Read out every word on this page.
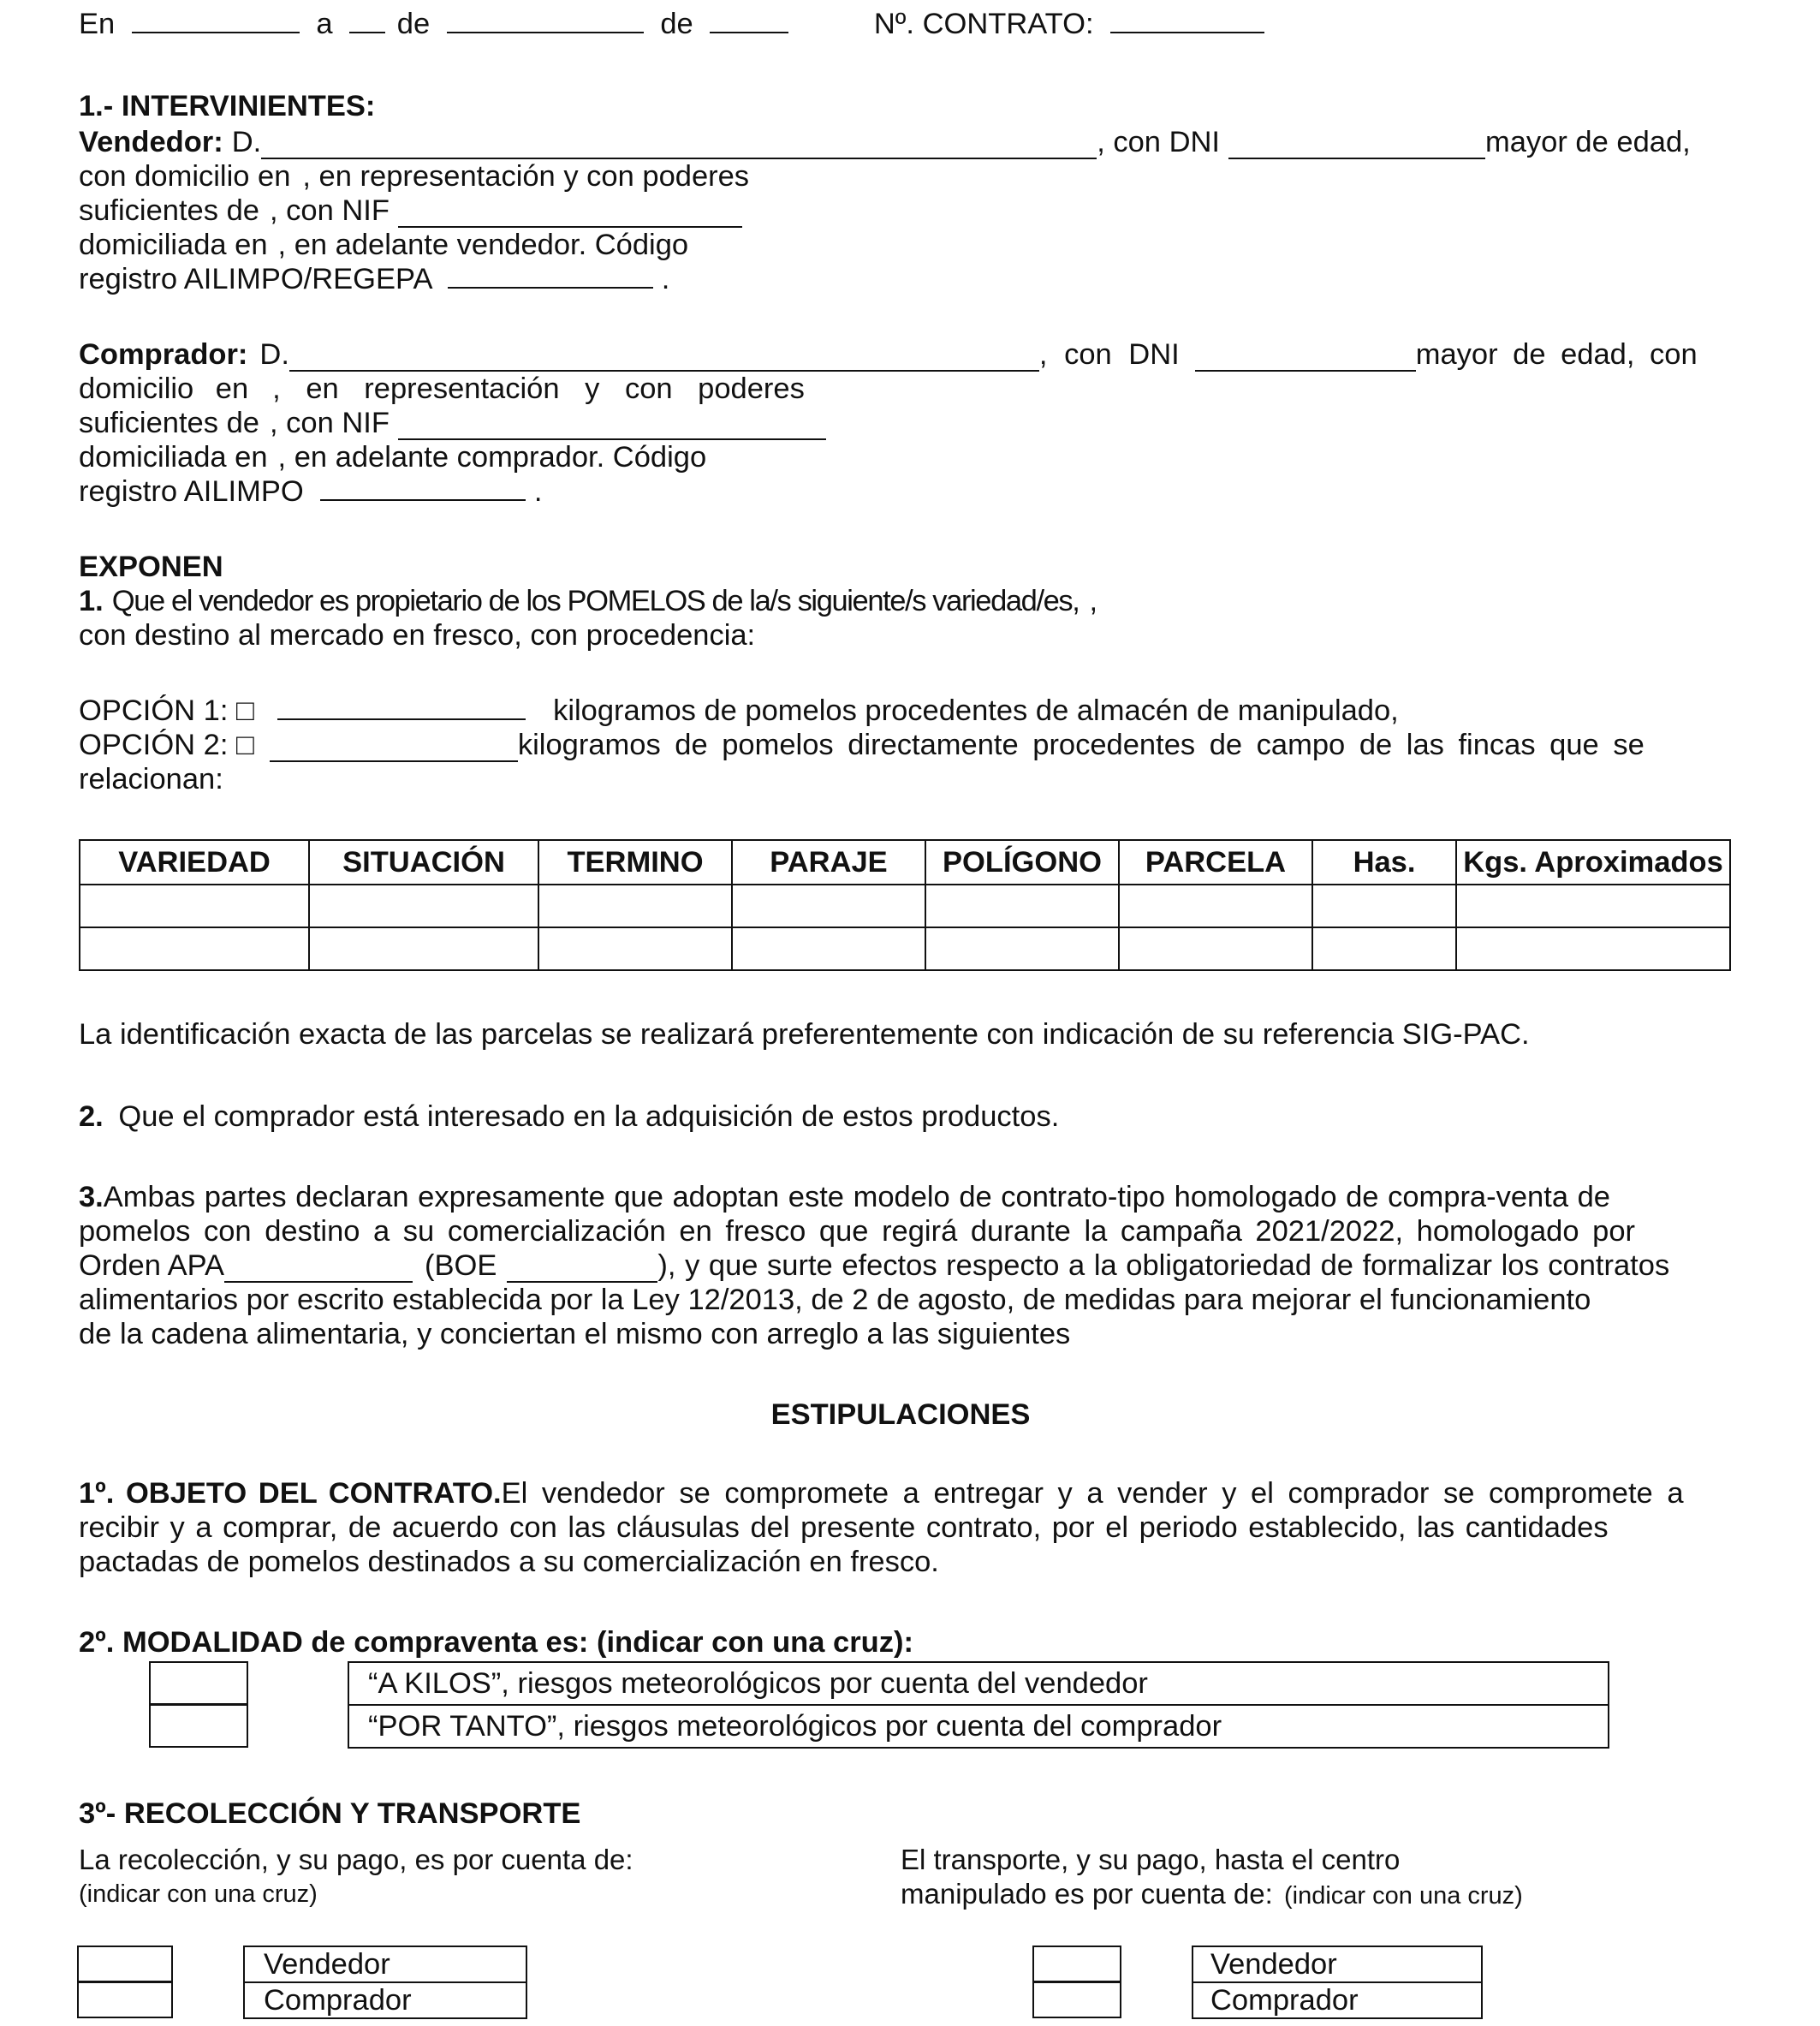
En	a de	de	Nº. CONTRATO:
1.- INTERVINIENTES:
Vendedor: D.	, con DNI	mayor de edad,
con domicilio en , en representación y con poderes
suficientes de , con NIF
domiciliada en , en adelante vendedor. Código
registro AILIMPO/REGEPA	.
Comprador: D.	, con DNI	mayor de edad, con
domicilio en , en representación y con poderes
suficientes de , con NIF
domiciliada en , en adelante comprador. Código
registro AILIMPO	.
EXPONEN
1. Que el vendedor es propietario de los POMELOS de la/s siguiente/s variedad/es, ,
con destino al mercado en fresco, con procedencia:
OPCIÓN 1: □	kilogramos de pomelos procedentes de almacén de manipulado,
OPCIÓN 2: □	kilogramos de pomelos directamente procedentes de campo de las fincas que se
relacionan:
VARIEDAD	SITUACIÓN	TERMINO	PARAJE	POLÍGONO	PARCELA	Has.	Kgs. Aproximados

La identificación exacta de las parcelas se realizará preferentemente con indicación de su referencia SIG-PAC.
2. Que el comprador está interesado en la adquisición de estos productos.
3. Ambas partes declaran expresamente que adoptan este modelo de contrato-tipo homologado de compra-venta de
pomelos con destino a su comercialización en fresco que regirá durante la campaña 2021/2022, homologado por
Orden APA	(BOE	), y que surte efectos respecto a la obligatoriedad de formalizar los contratos
alimentarios por escrito establecida por la Ley 12/2013, de 2 de agosto, de medidas para mejorar el funcionamiento
de la cadena alimentaria, y conciertan el mismo con arreglo a las siguientes
ESTIPULACIONES
1º. OBJETO DEL CONTRATO. El vendedor se compromete a entregar y a vender y el comprador se compromete a
recibir y a comprar, de acuerdo con las cláusulas del presente contrato, por el periodo establecido, las cantidades
pactadas de pomelos destinados a su comercialización en fresco.
2º. MODALIDAD de compraventa es: (indicar con una cruz):
“A KILOS”, riesgos meteorológicos por cuenta del vendedor
“POR TANTO”, riesgos meteorológicos por cuenta del comprador
3º- RECOLECCIÓN Y TRANSPORTE
La recolección, y su pago, es por cuenta de:
(indicar con una cruz)
El transporte, y su pago, hasta el centro
manipulado es por cuenta de: (indicar con una cruz)
Vendedor
Comprador
Vendedor
Comprador
